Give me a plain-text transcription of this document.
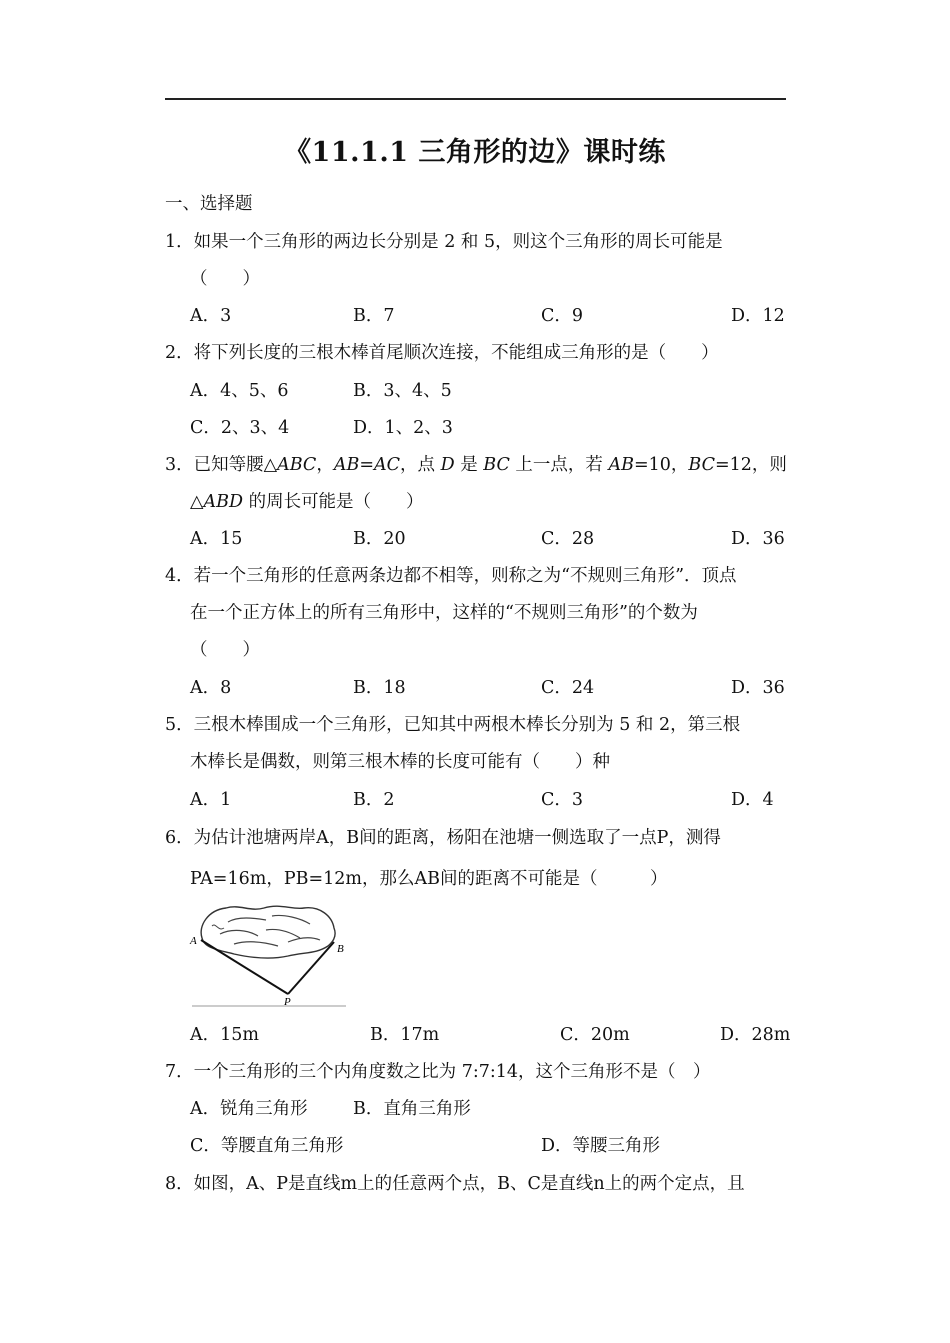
《11.1.1 三角形的边》课时练
一、选择题
1．如果一个三角形的两边长分别是 2 和 5，则这个三角形的周长可能是
（　　）
A．3	B．7	C．9	D．12
2．将下列长度的三根木棒首尾顺次连接，不能组成三角形的是（　　）
A．4、5、6	B．3、4、5
C．2、3、4	D．1、2、3
3．已知等腰△ABC，AB=AC，点 D 是 BC 上一点，若 AB=10，BC=12，则
△ABD 的周长可能是（　　）
A．15	B．20	C．28	D．36
4．若一个三角形的任意两条边都不相等，则称之为“不规则三角形”．顶点
在一个正方体上的所有三角形中，这样的“不规则三角形”的个数为
（　　）
A．8	B．18	C．24	D．36
5．三根木棒围成一个三角形，已知其中两根木棒长分别为 5 和 2，第三根
木棒长是偶数，则第三根木棒的长度可能有（　　）种
A．1	B．2	C．3	D．4
6．为估计池塘两岸A，B间的距离，杨阳在池塘一侧选取了一点P，测得
PA=16m，PB=12m，那么AB间的距离不可能是（　　　）
A
B
P
A．15m	B．17m	C．20m	D．28m
7．一个三角形的三个内角度数之比为 7:7:14，这个三角形不是（　）
A．锐角三角形	B．直角三角形
C．等腰直角三角形	D．等腰三角形
8．如图，A、P是直线m上的任意两个点，B、C是直线n上的两个定点，且
